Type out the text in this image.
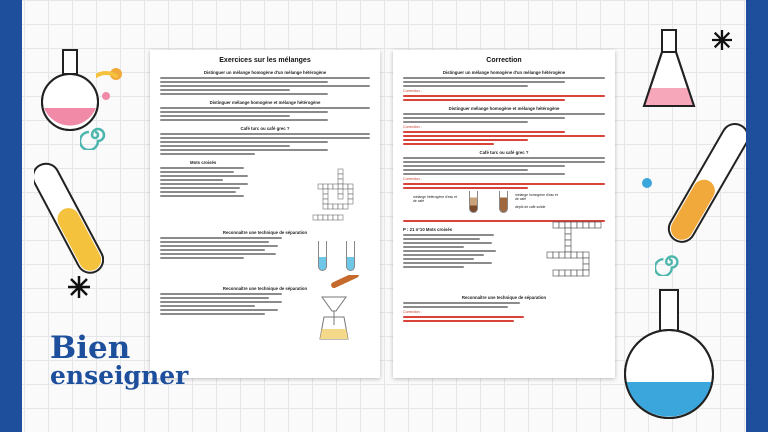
Exercices sur les mélanges
Distinguer un mélange homogène d'un mélange hétérogène
Distinguer mélange homogène et mélange hétérogène
Café turc ou café grec ?
Mots croisés
Reconnaître une technique de séparation
Reconnaître une technique de séparation
Correction
Distinguer un mélange homogène d'un mélange hétérogène
Correction :
Distinguer mélange homogène et mélange hétérogène
Correction :
Café turc ou café grec ?
Correction :
mélange hétérogène d'eau et de café
mélange homogène d'eau et de café
dépôt de café solide
P : 21 n°10 Mots croisés
Reconnaître une technique de séparation
Correction :
Bien
enseigner
